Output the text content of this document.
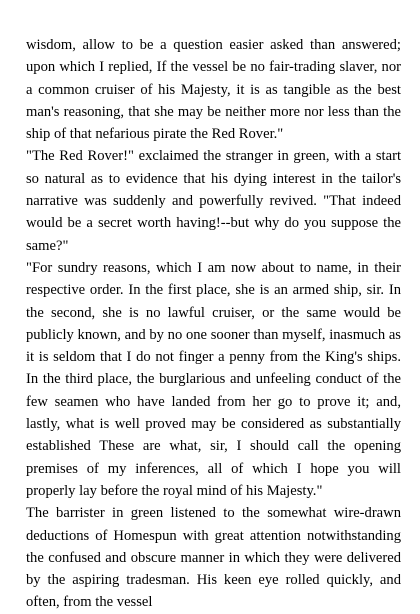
wisdom, allow to be a question easier asked than answered; upon which I replied, If the vessel be no fair-trading slaver, nor a common cruiser of his Majesty, it is as tangible as the best man's reasoning, that she may be neither more nor less than the ship of that nefarious pirate the Red Rover."

"The Red Rover!" exclaimed the stranger in green, with a start so natural as to evidence that his dying interest in the tailor's narrative was suddenly and powerfully revived. "That indeed would be a secret worth having!--but why do you suppose the same?"

"For sundry reasons, which I am now about to name, in their respective order. In the first place, she is an armed ship, sir. In the second, she is no lawful cruiser, or the same would be publicly known, and by no one sooner than myself, inasmuch as it is seldom that I do not finger a penny from the King's ships. In the third place, the burglarious and unfeeling conduct of the few seamen who have landed from her go to prove it; and, lastly, what is well proved may be considered as substantially established These are what, sir, I should call the opening premises of my inferences, all of which I hope you will properly lay before the royal mind of his Majesty."

The barrister in green listened to the somewhat wire-drawn deductions of Homespun with great attention notwithstanding the confused and obscure manner in which they were delivered by the aspiring tradesman. His keen eye rolled quickly, and often, from the vessel
